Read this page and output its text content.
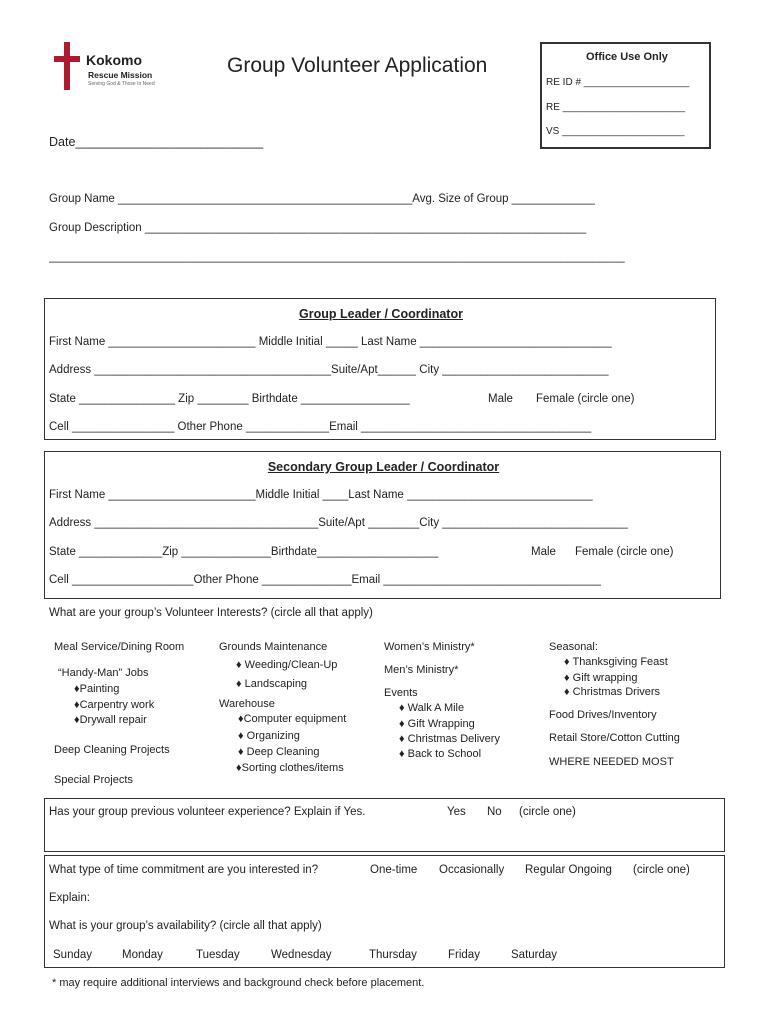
Kokomo
Rescue Mission
Serving God & Those In Need
Group Volunteer Application	Office Use Only
RE ID # ___________________
RE ______________________
VS ______________________
Date___________________________
Group Name ______________________________________________Avg. Size of Group _____________
Group Description _____________________________________________________________________
__________________________________________________________________________________________
Group Leader / Coordinator
First Name _______________________ Middle Initial _____ Last Name ______________________________
Address _____________________________________Suite/Apt______ City __________________________
State _______________ Zip ________ Birthdate _________________	Male Female (circle one)
Cell ________________ Other Phone _____________Email ____________________________________
Secondary Group Leader / Coordinator
First Name _______________________Middle Initial ____Last Name _____________________________
Address ___________________________________Suite/Apt ________City _____________________________
State _____________Zip ______________Birthdate___________________	Male Female (circle one)
Cell ___________________Other Phone ______________Email __________________________________
What are your group’s Volunteer Interests? (circle all that apply)
Meal Service/Dining Room
“Handy-Man” Jobs
♦Painting
♦Carpentry work
♦Drywall repair
Deep Cleaning Projects
Special Projects
Grounds Maintenance
♦ Weeding/Clean-Up
♦ Landscaping
Warehouse
♦Computer equipment
♦ Organizing
♦ Deep Cleaning
♦Sorting clothes/items
Women’s Ministry*
Men’s Ministry*
Events
♦ Walk A Mile
♦ Gift Wrapping
♦ Christmas Delivery
♦ Back to School
Seasonal:
♦ Thanksgiving Feast
♦ Gift wrapping
♦ Christmas Drivers
Food Drives/Inventory
Retail Store/Cotton Cutting
WHERE NEEDED MOST
Has your group previous volunteer experience? Explain if Yes.	Yes No (circle one)
What type of time commitment are you interested in?	One-time Occasionally Regular Ongoing (circle one)
Explain:
What is your group’s availability? (circle all that apply)
Sunday	Monday	Tuesday	Wednesday	Thursday	Friday	Saturday
* may require additional interviews and background check before placement.
